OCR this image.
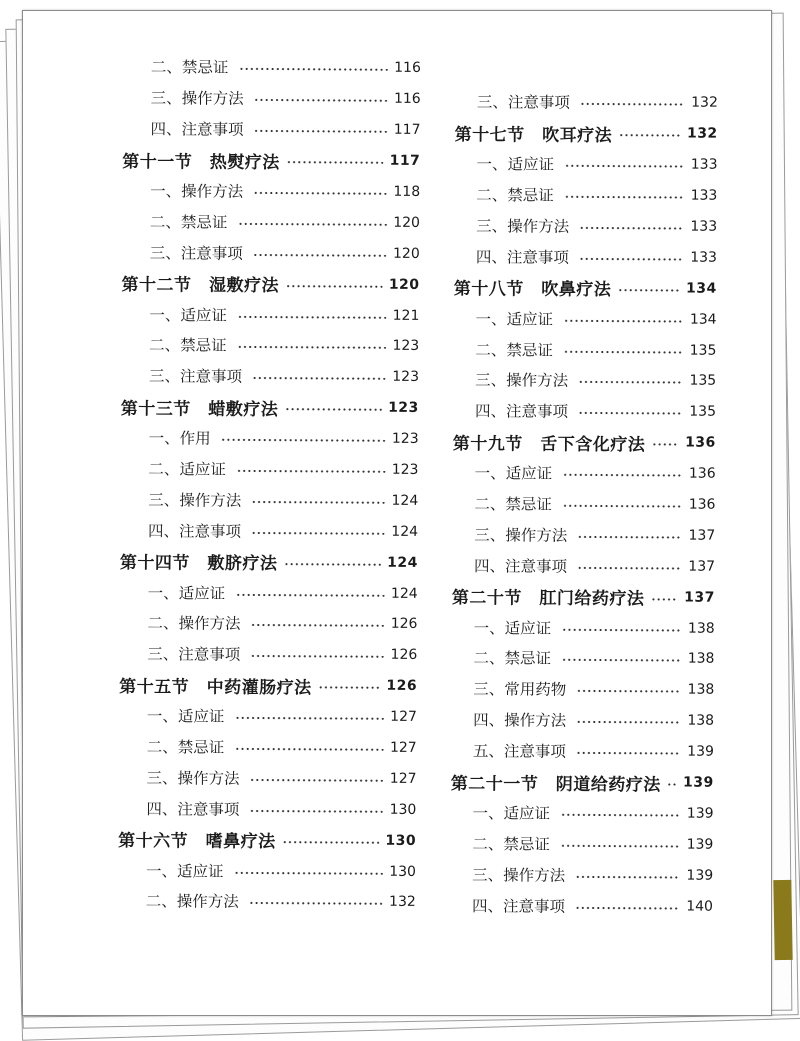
二、禁忌证	116
三、操作方法	116
四、注意事项	117
第十一节　热熨疗法	117
一、操作方法	118
二、禁忌证	120
三、注意事项	120
第十二节　湿敷疗法	120
一、适应证	121
二、禁忌证	123
三、注意事项	123
第十三节　蜡敷疗法	123
一、作用	123
二、适应证	123
三、操作方法	124
四、注意事项	124
第十四节　敷脐疗法	124
一、适应证	124
二、操作方法	126
三、注意事项	126
第十五节　中药灌肠疗法	126
一、适应证	127
二、禁忌证	127
三、操作方法	127
四、注意事项	130
第十六节　嗜鼻疗法	130
一、适应证	130
二、操作方法	132
三、注意事项	132
第十七节　吹耳疗法	132
一、适应证	133
二、禁忌证	133
三、操作方法	133
四、注意事项	133
第十八节　吹鼻疗法	134
一、适应证	134
二、禁忌证	135
三、操作方法	135
四、注意事项	135
第十九节　舌下含化疗法	136
一、适应证	136
二、禁忌证	136
三、操作方法	137
四、注意事项	137
第二十节　肛门给药疗法	137
一、适应证	138
二、禁忌证	138
三、常用药物	138
四、操作方法	138
五、注意事项	139
第二十一节　阴道给药疗法 139
一、适应证	139
二、禁忌证	139
三、操作方法	139
四、注意事项	140
